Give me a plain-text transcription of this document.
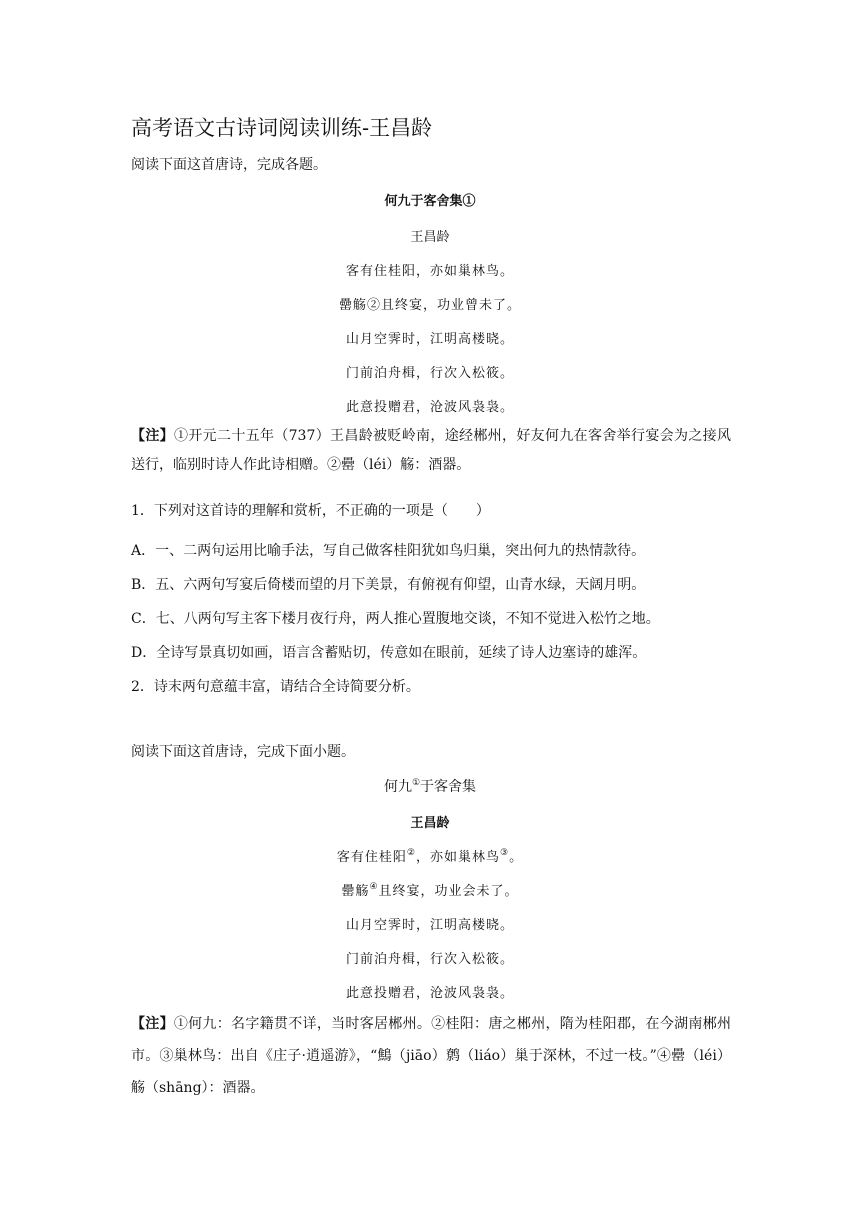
高考语文古诗词阅读训练-王昌龄
阅读下面这首唐诗，完成各题。
何九于客舍集①
王昌龄
客有住桂阳，亦如巢林鸟。
罍觞②且终宴，功业曾未了。
山月空霁时，江明高楼晓。
门前泊舟楫，行次入松筱。
此意投赠君，沧波风袅袅。
【注】①开元二十五年（737）王昌龄被贬岭南，途经郴州，好友何九在客舍举行宴会为之接风送行，临别时诗人作此诗相赠。②罍（léi）觞：酒器。
1．下列对这首诗的理解和赏析，不正确的一项是（　　）
A．一、二两句运用比喻手法，写自己做客桂阳犹如鸟归巢，突出何九的热情款待。
B．五、六两句写宴后倚楼而望的月下美景，有俯视有仰望，山青水绿，天阔月明。
C．七、八两句写主客下楼月夜行舟，两人推心置腹地交谈，不知不觉进入松竹之地。
D．全诗写景真切如画，语言含蓄贴切，传意如在眼前，延续了诗人边塞诗的雄浑。
2．诗末两句意蕴丰富，请结合全诗简要分析。
阅读下面这首唐诗，完成下面小题。
何九①于客舍集
王昌龄
客有住桂阳②，亦如巢林鸟③。
罍觞④且终宴，功业会未了。
山月空霁时，江明高楼晓。
门前泊舟楫，行次入松筱。
此意投赠君，沧波风袅袅。
【注】①何九：名字籍贯不详，当时客居郴州。②桂阳：唐之郴州，隋为桂阳郡，在今湖南郴州市。③巢林鸟：出自《庄子·逍遥游》，“鷦（jiāo）鹩（liáo）巢于深林，不过一枝。”④罍（léi）觞（shāng）：酒器。
